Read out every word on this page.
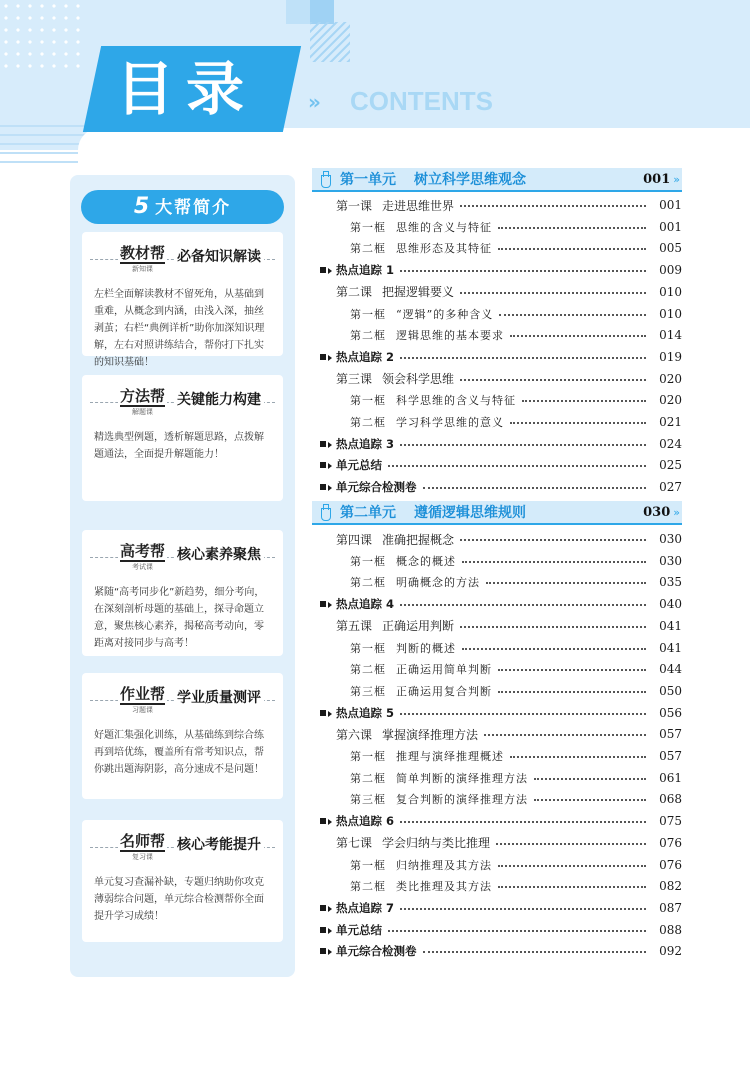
目录	» CONTENTS
5 大帮简介
教材帮
新知课
必备知识解读
左栏全面解读教材不留死角，从基础到重难，从概念到内涵，由浅入深，抽丝剥茧；右栏“典例详析”助你加深知识理解，左右对照讲练结合，帮你打下扎实的知识基础！
方法帮
解题课
关键能力构建
精选典型例题，透析解题思路，点拨解题通法，全面提升解题能力！
高考帮
考试课
核心素养聚焦
紧随“高考同步化”新趋势，细分考向，在深刻剖析母题的基础上，探寻命题立意，聚焦核心素养，揭秘高考动向，零距离对接同步与高考！
作业帮
习题课
学业质量测评
好题汇集强化训练，从基础练到综合练再到培优练，覆盖所有常考知识点，帮你跳出题海阴影，高分速成不是问题！
名师帮
复习课
核心考能提升
单元复习查漏补缺，专题归纳助你攻克薄弱综合问题，单元综合检测帮你全面提升学习成绩！
第一单元 树立科学思维观念	001 »
第二单元 遵循逻辑思维规则	030 »
第一课 走进思维世界	001
第一框 思维的含义与特征	001
第二框 思维形态及其特征	005
热点追踪 1	009
第二课 把握逻辑要义	010
第一框 “逻辑”的多种含义	010
第二框 逻辑思维的基本要求	014
热点追踪 2	019
第三课 领会科学思维	020
第一框 科学思维的含义与特征	020
第二框 学习科学思维的意义	021
热点追踪 3	024
单元总结	025
单元综合检测卷	027
第四课 准确把握概念	030
第一框 概念的概述	030
第二框 明确概念的方法	035
热点追踪 4	040
第五课 正确运用判断	041
第一框 判断的概述	041
第二框 正确运用简单判断	044
第三框 正确运用复合判断	050
热点追踪 5	056
第六课 掌握演绎推理方法	057
第一框 推理与演绎推理概述	057
第二框 简单判断的演绎推理方法	061
第三框 复合判断的演绎推理方法	068
热点追踪 6	075
第七课 学会归纳与类比推理	076
第一框 归纳推理及其方法	076
第二框 类比推理及其方法	082
热点追踪 7	087
单元总结	088
单元综合检测卷	092
